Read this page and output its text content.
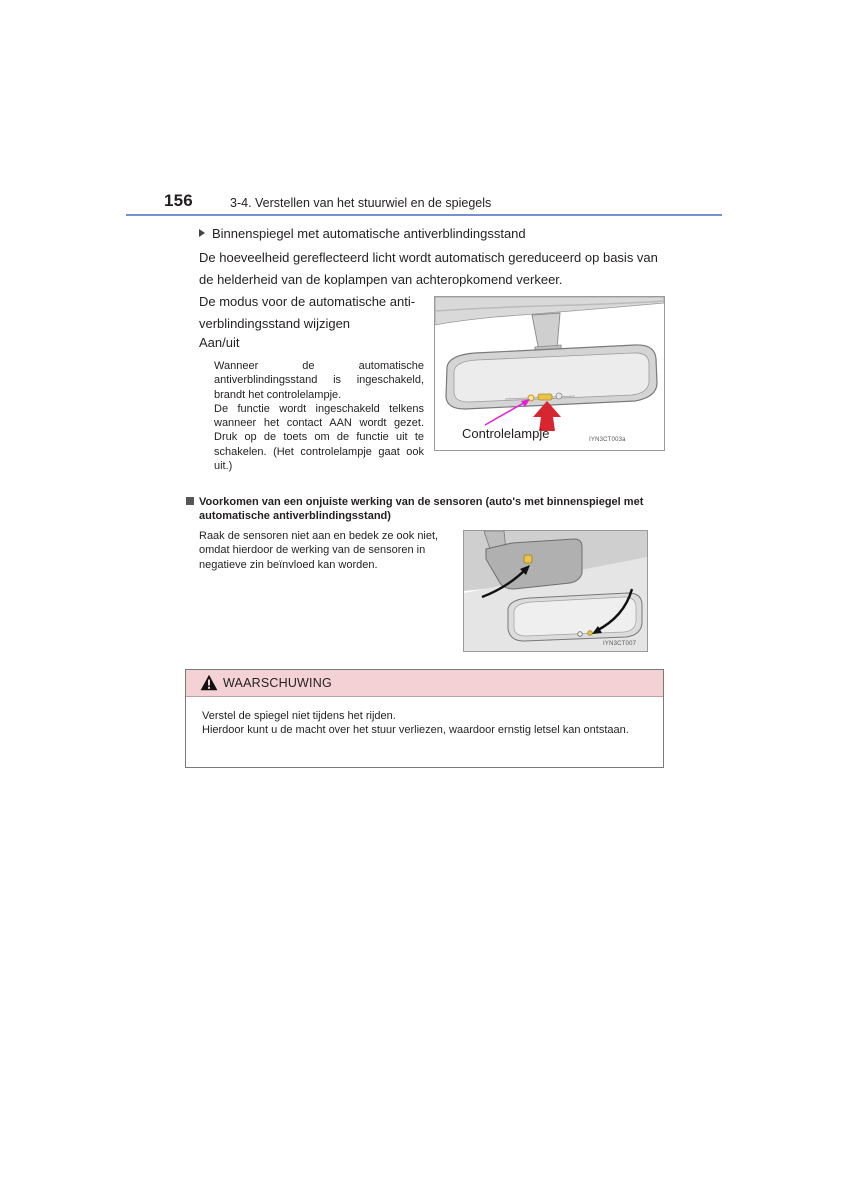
156	3-4. Verstellen van het stuurwiel en de spiegels
Binnenspiegel met automatische antiverblindingsstand
De hoeveelheid gereflecteerd licht wordt automatisch gereduceerd op basis van
de helderheid van de koplampen van achteropkomend verkeer.
De modus voor de automatische anti-
verblindingsstand wijzigen
Aan/uit

Wanneer de automatische antiverblindingsstand is ingeschakeld, brandt het controlelampje.

De functie wordt ingeschakeld telkens wanneer het contact AAN wordt gezet. Druk op de toets om de functie uit te schakelen. (Het controlelampje gaat ook uit.)

Controlelampje	IYN3CT003a
Voorkomen van een onjuiste werking van de sensoren (auto's met binnenspiegel met
automatische antiverblindingsstand)
Raak de sensoren niet aan en bedek ze ook niet, omdat hierdoor de werking van de sensoren in negatieve zin beïnvloed kan worden.
IYN3CT007
WAARSCHUWING

Verstel de spiegel niet tijdens het rijden.

Hierdoor kunt u de macht over het stuur verliezen, waardoor ernstig letsel kan ontstaan.
